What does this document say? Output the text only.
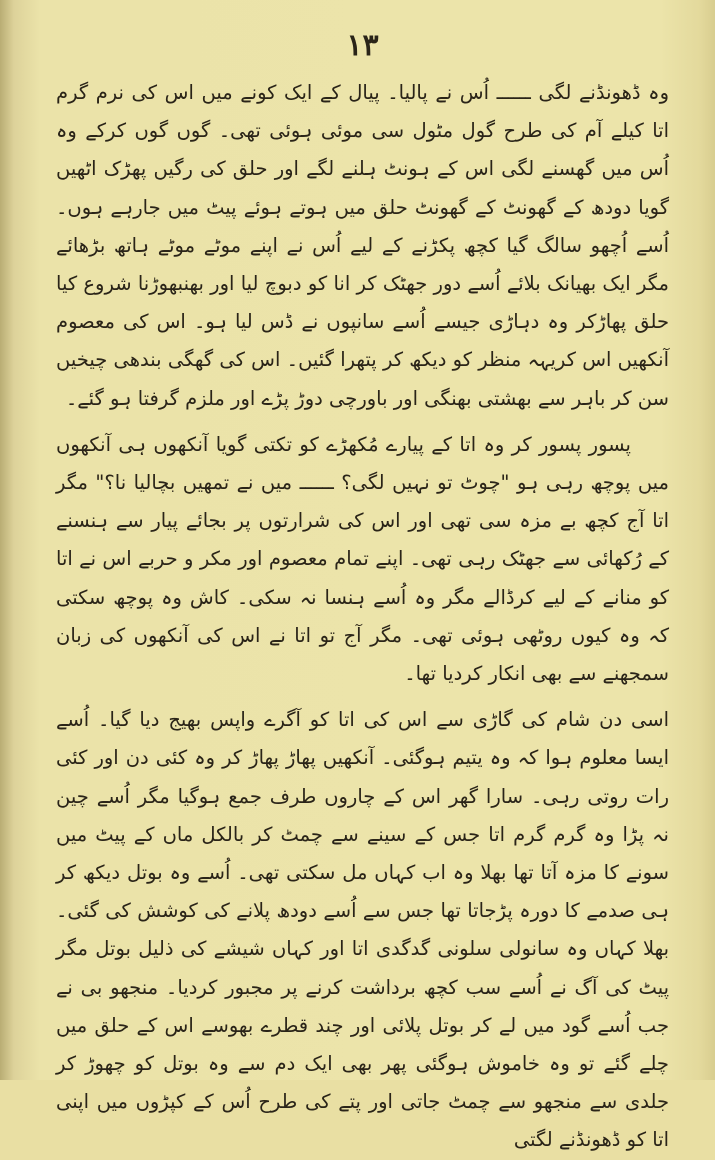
۱۳

وہ ڈھونڈنے لگی ــــــ اُس نے پالیا۔ پیال کے ایک کونے میں اس کی نرم گرم اتا کیلے آم کی طرح گول مٹول سی موئی ہوئی تھی۔ گوں گوں کرکے وہ اُس میں گھسنے لگی اس کے ہونٹ ہلنے لگے اور حلق کی رگیں پھڑک اٹھیں گویا دودھ کے گھونٹ کے گھونٹ حلق میں ہوتے ہوئے پیٹ میں جارہے ہوں۔ اُسے اُچھو سالگ گیا کچھ پکڑنے کے لیے اُس نے اپنے موٹے موٹے ہاتھ بڑھائے مگر ایک بھیانک بلائے اُسے دور جھٹک کر انا کو دبوچ لیا اور بھنبھوڑنا شروع کیا حلق پھاڑکر وہ دہاڑی جیسے اُسے سانپوں نے ڈس لیا ہو۔ اس کی معصوم آنکھیں اس کریہہ منظر کو دیکھ کر پتھرا گئیں۔ اس کی گھگی بندھی چیخیں سن کر باہر سے بھشتی بھنگی اور باورچی دوڑ پڑے اور ملزم گرفتا ہو گئے۔

پسور پسور کر وہ اتا کے پیارے مُکھڑے کو تکتی گویا آنکھوں ہی آنکھوں میں پوچھ رہی ہو "چوٹ تو نہیں لگی؟ ــــــ میں نے تمھیں بچالیا نا؟" مگر اتا آج کچھ بے مزہ سی تھی اور اس کی شرارتوں پر بجائے پیار سے ہنسنے کے رُکھائی سے جھٹک رہی تھی۔ اپنے تمام معصوم اور مکر و حربے اس نے اتا کو منانے کے لیے کرڈالے مگر وہ اُسے ہنسا نہ سکی۔ کاش وہ پوچھ سکتی کہ وہ کیوں روٹھی ہوئی تھی۔ مگر آج تو اتا نے اس کی آنکھوں کی زبان سمجھنے سے بھی انکار کردیا تھا۔

اسی دن شام کی گاڑی سے اس کی اتا کو آگرے واپس بھیج دیا گیا۔ اُسے ایسا معلوم ہوا کہ وہ یتیم ہوگئی۔ آنکھیں پھاڑ پھاڑ کر وہ کئی دن اور کئی رات روتی رہی۔ سارا گھر اس کے چاروں طرف جمع ہوگیا مگر اُسے چین نہ پڑا وہ گرم گرم اتا جس کے سینے سے چمٹ کر بالکل ماں کے پیٹ میں سونے کا مزہ آتا تھا بھلا وہ اب کہاں مل سکتی تھی۔ اُسے وہ بوتل دیکھ کر ہی صدمے کا دورہ پڑجاتا تھا جس سے اُسے دودھ پلانے کی کوشش کی گئی۔ بھلا کہاں وہ سانولی سلونی گدگدی اتا اور کہاں شیشے کی ذلیل بوتل مگر پیٹ کی آگ نے اُسے سب کچھ برداشت کرنے پر مجبور کردیا۔ منجھو بی نے جب اُسے گود میں لے کر بوتل پلائی اور چند قطرے بھوسے اس کے حلق میں چلے گئے تو وہ خاموش ہوگئی پھر بھی ایک دم سے وہ بوتل کو چھوڑ کر جلدی سے منجھو سے چمٹ جاتی اور پتے کی طرح اُس کے کپڑوں میں اپنی اتا کو ڈھونڈنے لگتی
